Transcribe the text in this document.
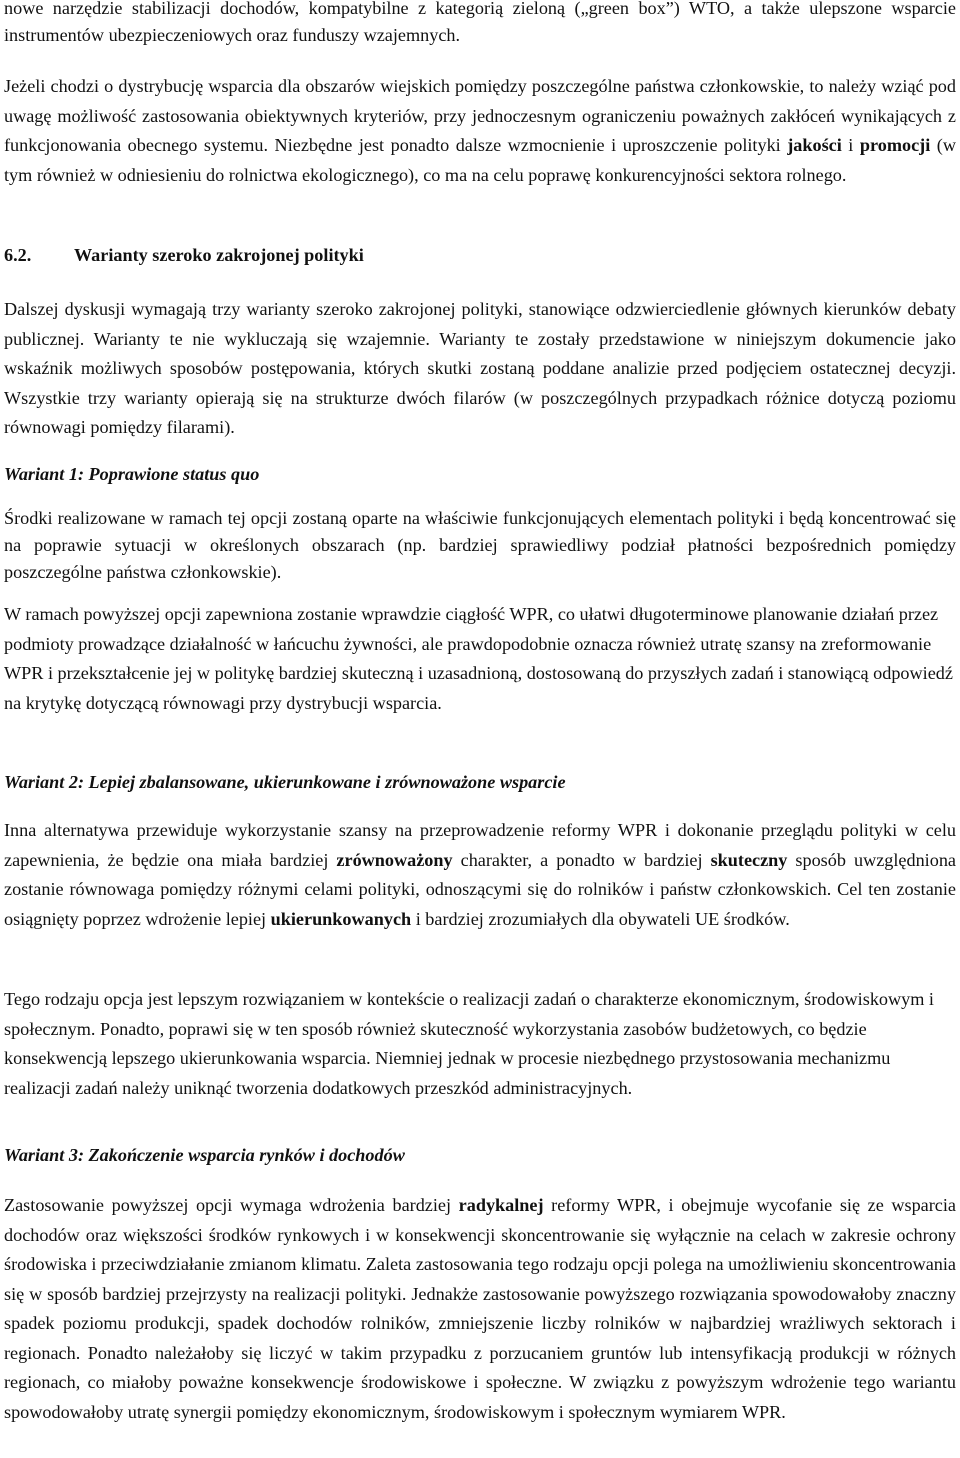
nowe narzędzie stabilizacji dochodów, kompatybilne z kategorią zieloną („green box”) WTO, a także ulepszone wsparcie instrumentów ubezpieczeniowych oraz funduszy wzajemnych.

Jeżeli chodzi o dystrybucję wsparcia dla obszarów wiejskich pomiędzy poszczególne państwa członkowskie, to należy wziąć pod uwagę możliwość zastosowania obiektywnych kryteriów, przy jednoczesnym ograniczeniu poważnych zakłóceń wynikających z funkcjonowania obecnego systemu. Niezbędne jest ponadto dalsze wzmocnienie i uproszczenie polityki jakości i promocji (w tym również w odniesieniu do rolnictwa ekologicznego), co ma na celu poprawę konkurencyjności sektora rolnego.

6.2. Warianty szeroko zakrojonej polityki

Dalszej dyskusji wymagają trzy warianty szeroko zakrojonej polityki, stanowiące odzwierciedlenie głównych kierunków debaty publicznej. Warianty te nie wykluczają się wzajemnie. Warianty te zostały przedstawione w niniejszym dokumencie jako wskaźnik możliwych sposobów postępowania, których skutki zostaną poddane analizie przed podjęciem ostatecznej decyzji. Wszystkie trzy warianty opierają się na strukturze dwóch filarów (w poszczególnych przypadkach różnice dotyczą poziomu równowagi pomiędzy filarami).

Wariant 1: Poprawione status quo

Środki realizowane w ramach tej opcji zostaną oparte na właściwie funkcjonujących elementach polityki i będą koncentrować się na poprawie sytuacji w określonych obszarach (np. bardziej sprawiedliwy podział płatności bezpośrednich pomiędzy poszczególne państwa członkowskie).

W ramach powyższej opcji zapewniona zostanie wprawdzie ciągłość WPR, co ułatwi długoterminowe planowanie działań przez podmioty prowadzące działalność w łańcuchu żywności, ale prawdopodobnie oznacza również utratę szansy na zreformowanie WPR i przekształcenie jej w politykę bardziej skuteczną i uzasadnioną, dostosowaną do przyszłych zadań i stanowiącą odpowiedź na krytykę dotyczącą równowagi przy dystrybucji wsparcia.

Wariant 2: Lepiej zbalansowane, ukierunkowane i zrównoważone wsparcie

Inna alternatywa przewiduje wykorzystanie szansy na przeprowadzenie reformy WPR i dokonanie przeglądu polityki w celu zapewnienia, że będzie ona miała bardziej zrównoważony charakter, a ponadto w bardziej skuteczny sposób uwzględniona zostanie równowaga pomiędzy różnymi celami polityki, odnoszącymi się do rolników i państw członkowskich. Cel ten zostanie osiągnięty poprzez wdrożenie lepiej ukierunkowanych i bardziej zrozumiałych dla obywateli UE środków.

Tego rodzaju opcja jest lepszym rozwiązaniem w kontekście o realizacji zadań o charakterze ekonomicznym, środowiskowym i społecznym. Ponadto, poprawi się w ten sposób również skuteczność wykorzystania zasobów budżetowych, co będzie konsekwencją lepszego ukierunkowania wsparcia. Niemniej jednak w procesie niezbędnego przystosowania mechanizmu realizacji zadań należy uniknąć tworzenia dodatkowych przeszkód administracyjnych.

Wariant 3: Zakończenie wsparcia rynków i dochodów

Zastosowanie powyższej opcji wymaga wdrożenia bardziej radykalnej reformy WPR, i obejmuje wycofanie się ze wsparcia dochodów oraz większości środków rynkowych i w konsekwencji skoncentrowanie się wyłącznie na celach w zakresie ochrony środowiska i przeciwdziałanie zmianom klimatu. Zaleta zastosowania tego rodzaju opcji polega na umożliwieniu skoncentrowania się w sposób bardziej przejrzysty na realizacji polityki. Jednakże zastosowanie powyższego rozwiązania spowodowałoby znaczny spadek poziomu produkcji, spadek dochodów rolników, zmniejszenie liczby rolników w najbardziej wrażliwych sektorach i regionach. Ponadto należałoby się liczyć w takim przypadku z porzucaniem gruntów lub intensyfikacją produkcji w różnych regionach, co miałoby poważne konsekwencje środowiskowe i społeczne. W związku z powyższym wdrożenie tego wariantu spowodowałoby utratę synergii pomiędzy ekonomicznym, środowiskowym i społecznym wymiarem WPR.
